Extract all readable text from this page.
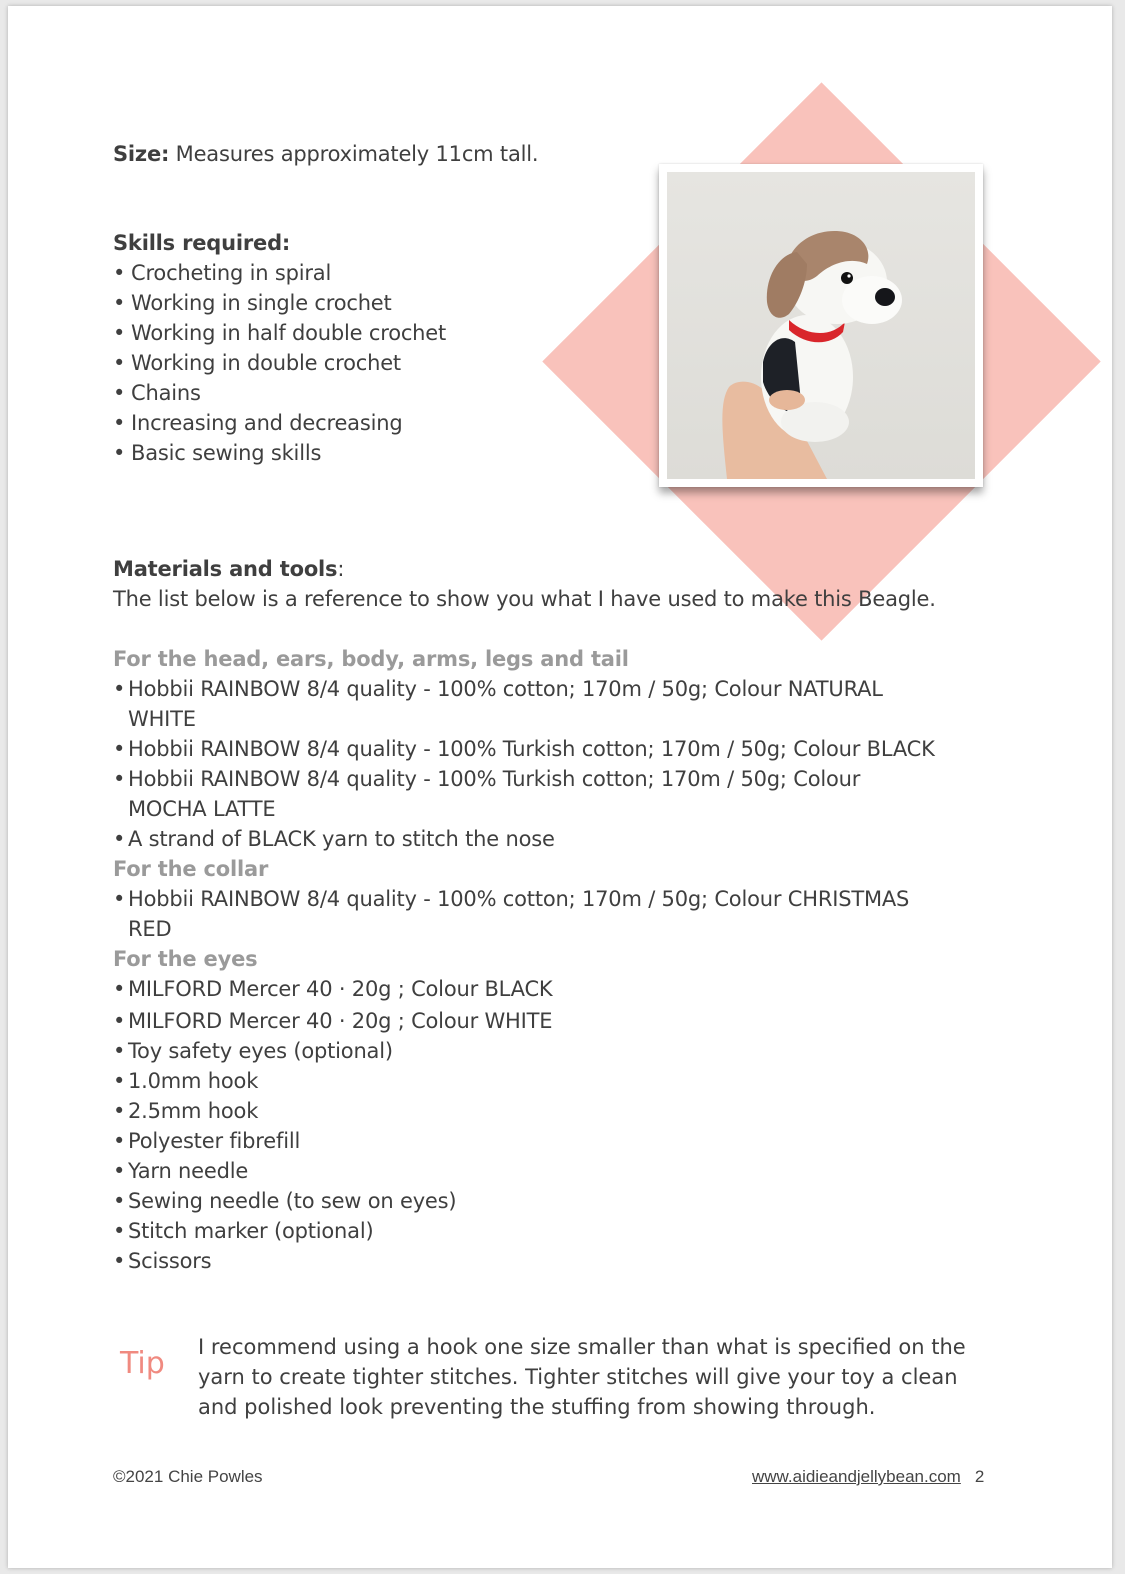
Size: Measures approximately 11cm tall.
Skills required:
• Crocheting in spiral
• Working in single crochet
• Working in half double crochet
• Working in double crochet
• Chains
• Increasing and decreasing
• Basic sewing skills
Materials and tools:
The list below is a reference to show you what I have used to make this Beagle.
For the head, ears, body, arms, legs and tail
• Hobbii RAINBOW 8/4 quality - 100% cotton; 170m / 50g; Colour NATURAL WHITE
• Hobbii RAINBOW 8/4 quality - 100% Turkish cotton; 170m / 50g; Colour BLACK
• Hobbii RAINBOW 8/4 quality - 100% Turkish cotton; 170m / 50g; Colour MOCHA LATTE
• A strand of BLACK yarn to stitch the nose
For the collar
• Hobbii RAINBOW 8/4 quality - 100% cotton; 170m / 50g; Colour CHRISTMAS RED
For the eyes
• MILFORD Mercer 40 · 20g ; Colour BLACK
• MILFORD Mercer 40 · 20g ; Colour WHITE
• Toy safety eyes (optional)
• 1.0mm hook
• 2.5mm hook
• Polyester fibrefill
• Yarn needle
• Sewing needle (to sew on eyes)
• Stitch marker (optional)
• Scissors
Tip I recommend using a hook one size smaller than what is specified on the yarn to create tighter stitches. Tighter stitches will give your toy a clean and polished look preventing the stuffing from showing through.
©2021 Chie Powles	www.aidieandjellybean.com 2
